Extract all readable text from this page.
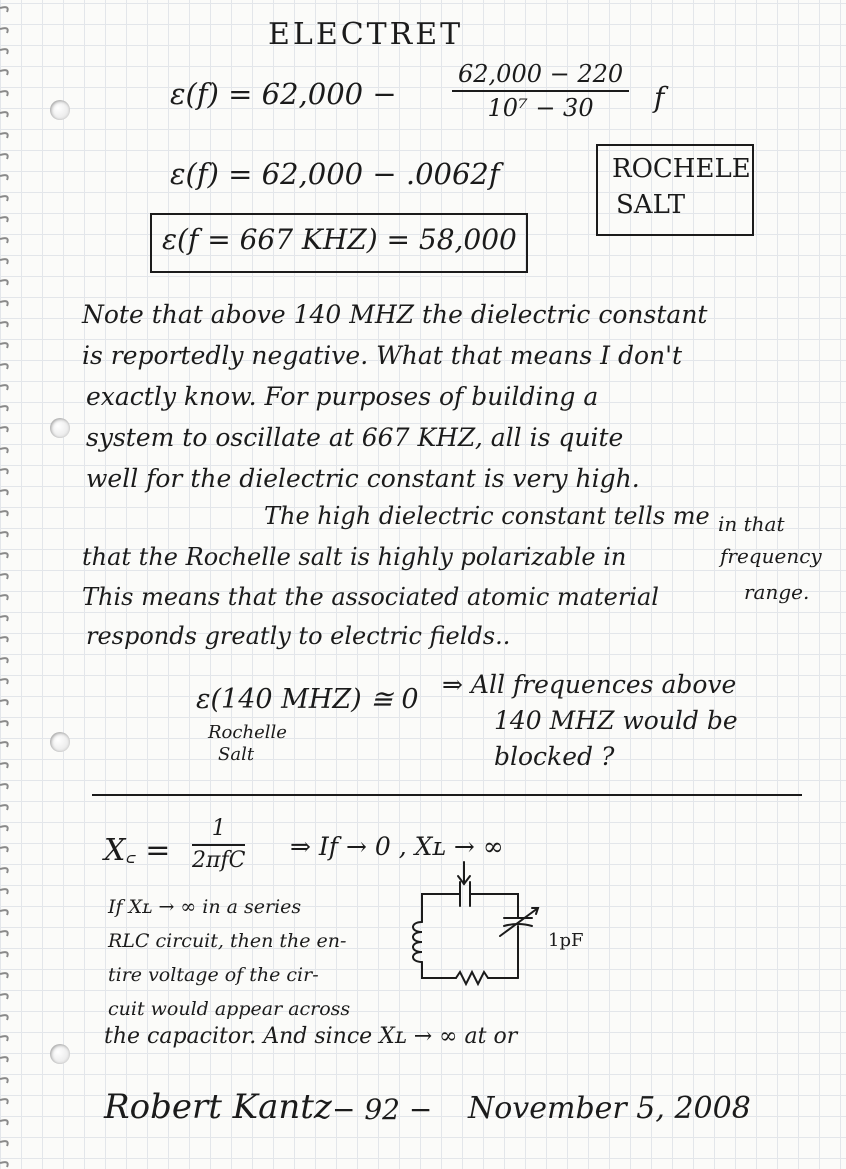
ELECTRET
$\varepsilon(f) = 62,000 - \frac{62,000 - 220}{\text{10⁷ − 30}}$ f
ε(f) = 62,000 − .0062f	ROCHELE
SALT
ε(f = 667 KHZ) = 58,000
Note that above 140 MHZ the dielectric constant
is reportedly negative. What that means I don't
exactly know. For purposes of building a
system to oscillate at 667 KHZ, all is quite
well for the dielectric constant is very high.
The high dielectric constant tells me
that the Rochelle salt is highly polarizable in
This means that the associated atomic material
responds greatly to electric fields..
in that
frequency
range.
ε(140 MHZ) ≅ 0
Rochelle
Salt
⇒ All frequences above
140 MHZ would be
blocked ?
X꜀ =
1
2πfC ⇒ If → 0 , Xʟ → ∞
If Xʟ → ∞ in a series
RLC circuit, then the en-
tire voltage of the cir-
cuit would appear across
the capacitor. And since Xʟ → ∞ at or
1pF
Robert Kantz − 92 − November 5, 2008
